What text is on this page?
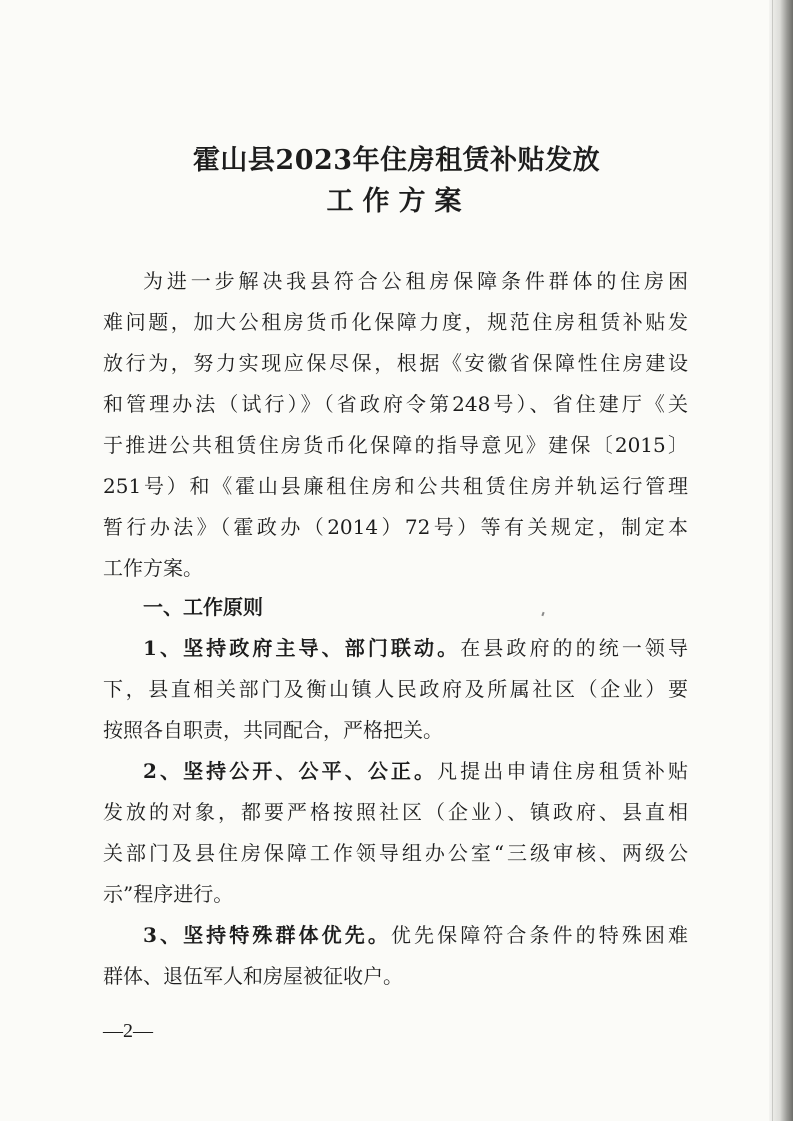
霍山县2023年住房租赁补贴发放
工作方案
为进一步解决我县符合公租房保障条件群体的住房困
难问题，加大公租房货币化保障力度，规范住房租赁补贴发
放行为，努力实现应保尽保，根据《安徽省保障性住房建设
和管理办法（试行）》（省政府令第248号）、省住建厅《关
于推进公共租赁住房货币化保障的指导意见》建保〔2015〕
251号）和《霍山县廉租住房和公共租赁住房并轨运行管理
暂行办法》（霍政办（2014）72号）等有关规定，制定本
工作方案。
一、工作原则
1、坚持政府主导、部门联动。在县政府的的统一领导
下，县直相关部门及衡山镇人民政府及所属社区（企业）要
按照各自职责，共同配合，严格把关。
2、坚持公开、公平、公正。凡提出申请住房租赁补贴
发放的对象，都要严格按照社区（企业）、镇政府、县直相
关部门及县住房保障工作领导组办公室“三级审核、两级公
示”程序进行。
3、坚持特殊群体优先。优先保障符合条件的特殊困难
群体、退伍军人和房屋被征收户。
—2—
